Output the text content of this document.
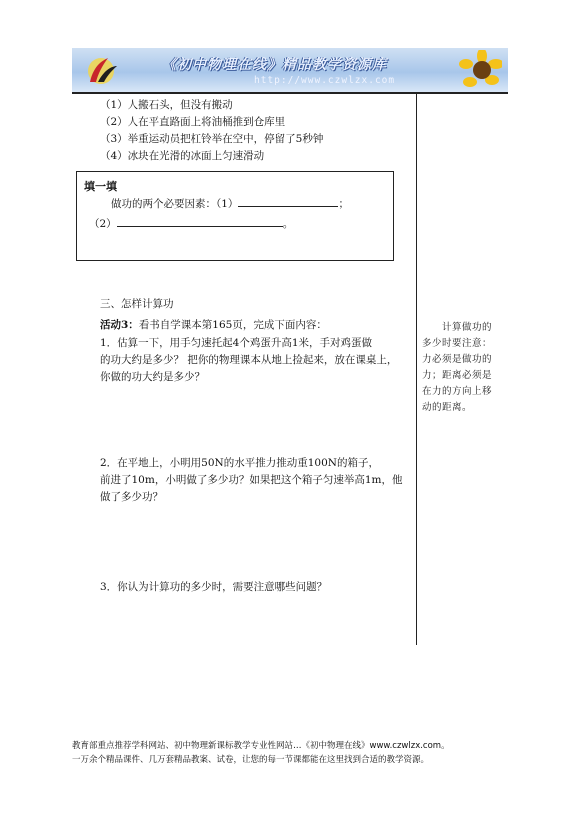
《初中物理在线》精品教学资源库
http://www.czwlzx.com
（1）人搬石头，但没有搬动
（2）人在平直路面上将油桶推到仓库里
（3）举重运动员把杠铃举在空中，停留了5秒钟
（4）冰块在光滑的冰面上匀速滑动
填一填
做功的两个必要因素：（1）	；
（2）	。
三、怎样计算功
活动3：看书自学课本第165页，完成下面内容：
1．估算一下，用手匀速托起4个鸡蛋升高1米，手对鸡蛋做
的功大约是多少？ 把你的物理课本从地上捡起来，放在课桌上，
你做的功大约是多少？
2．在平地上，小明用50N的水平推力推动重100N的箱子，
前进了10m，小明做了多少功？如果把这个箱子匀速举高1m，他
做了多少功？
3．你认为计算功的多少时，需要注意哪些问题？

计算做功的

多少时要注意：

力必须是做功的

力；距离必须是

在力的方向上移

动的距离。

教育部重点推荐学科网站、初中物理新课标教学专业性网站…《初中物理在线》www.czwlzx.com。

一万余个精品课件、几万套精品教案、试卷，让您的每一节课都能在这里找到合适的教学资源。
